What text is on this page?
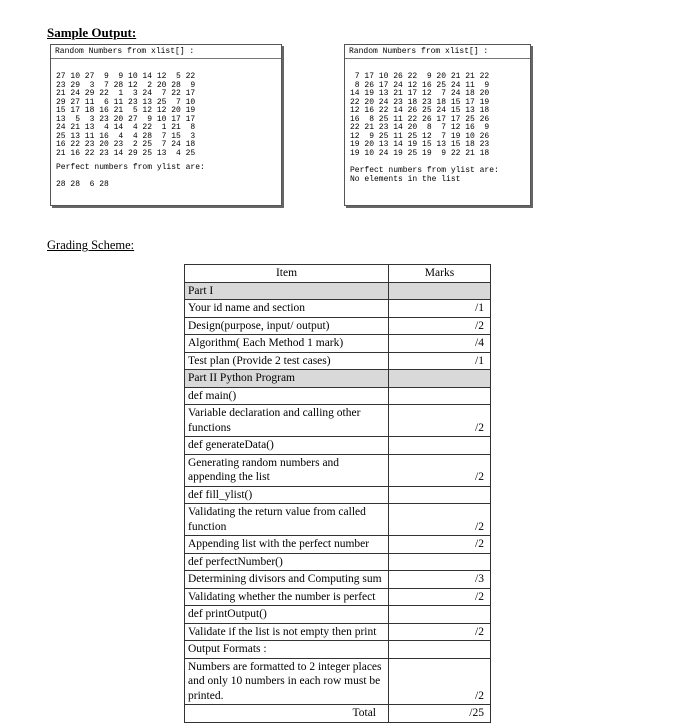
Sample Output:
Random Numbers from xlist[] :
27 10 27  9  9 10 14 12  5 22
23 29  3  7 28 12  2 20 28  9
21 24 29 22  1  3 24  7 22 17
29 27 11  6 11 23 13 25  7 10
15 17 18 16 21  5 12 12 20 19
13  5  3 23 20 27  9 10 17 17
24 21 13  4 14  4 22  1 21  8
25 13 11 16  4  4 28  7 15  3
16 22 23 20 23  2 25  7 24 18
21 16 22 23 14 29 25 13  4 25
Perfect numbers from ylist are:
28 28  6 28
Random Numbers from xlist[] :
7 17 10 26 22  9 20 21 21 22
8 26 17 24 12 16 25 24 11  9
14 19 13 21 17 12  7 24 18 20
22 20 24 23 18 23 18 15 17 19
12 16 22 14 26 25 24 15 13 18
16  8 25 11 22 26 17 17 25 26
22 21 23 14 20  8  7 12 16  9
12  9 25 11 25 12  7 19 10 26
19 20 13 14 19 15 13 15 18 23
19 10 24 19 25 19  9 22 21 18
Perfect numbers from ylist are:
No elements in the list
Grading Scheme:
Item	Marks
Part I	
Your id name and section	/1
Design(purpose, input/ output)	/2
Algorithm( Each Method 1 mark)	/4
Test plan (Provide 2 test cases)	/1
Part II Python Program	
def main()	
Variable declaration and calling other functions	/2
def generateData()	
Generating random numbers and appending the list	/2
def fill_ylist()	
Validating the return value from called function	/2
Appending list with the perfect number	/2
def perfectNumber()	
Determining divisors and Computing sum	/3
Validating whether the number is perfect	/2
def printOutput()	
Validate if the list is not empty then print	/2
Output Formats :	
Numbers are formatted to 2 integer places and only 10 numbers in each row must be printed.	/2
Total	/25
